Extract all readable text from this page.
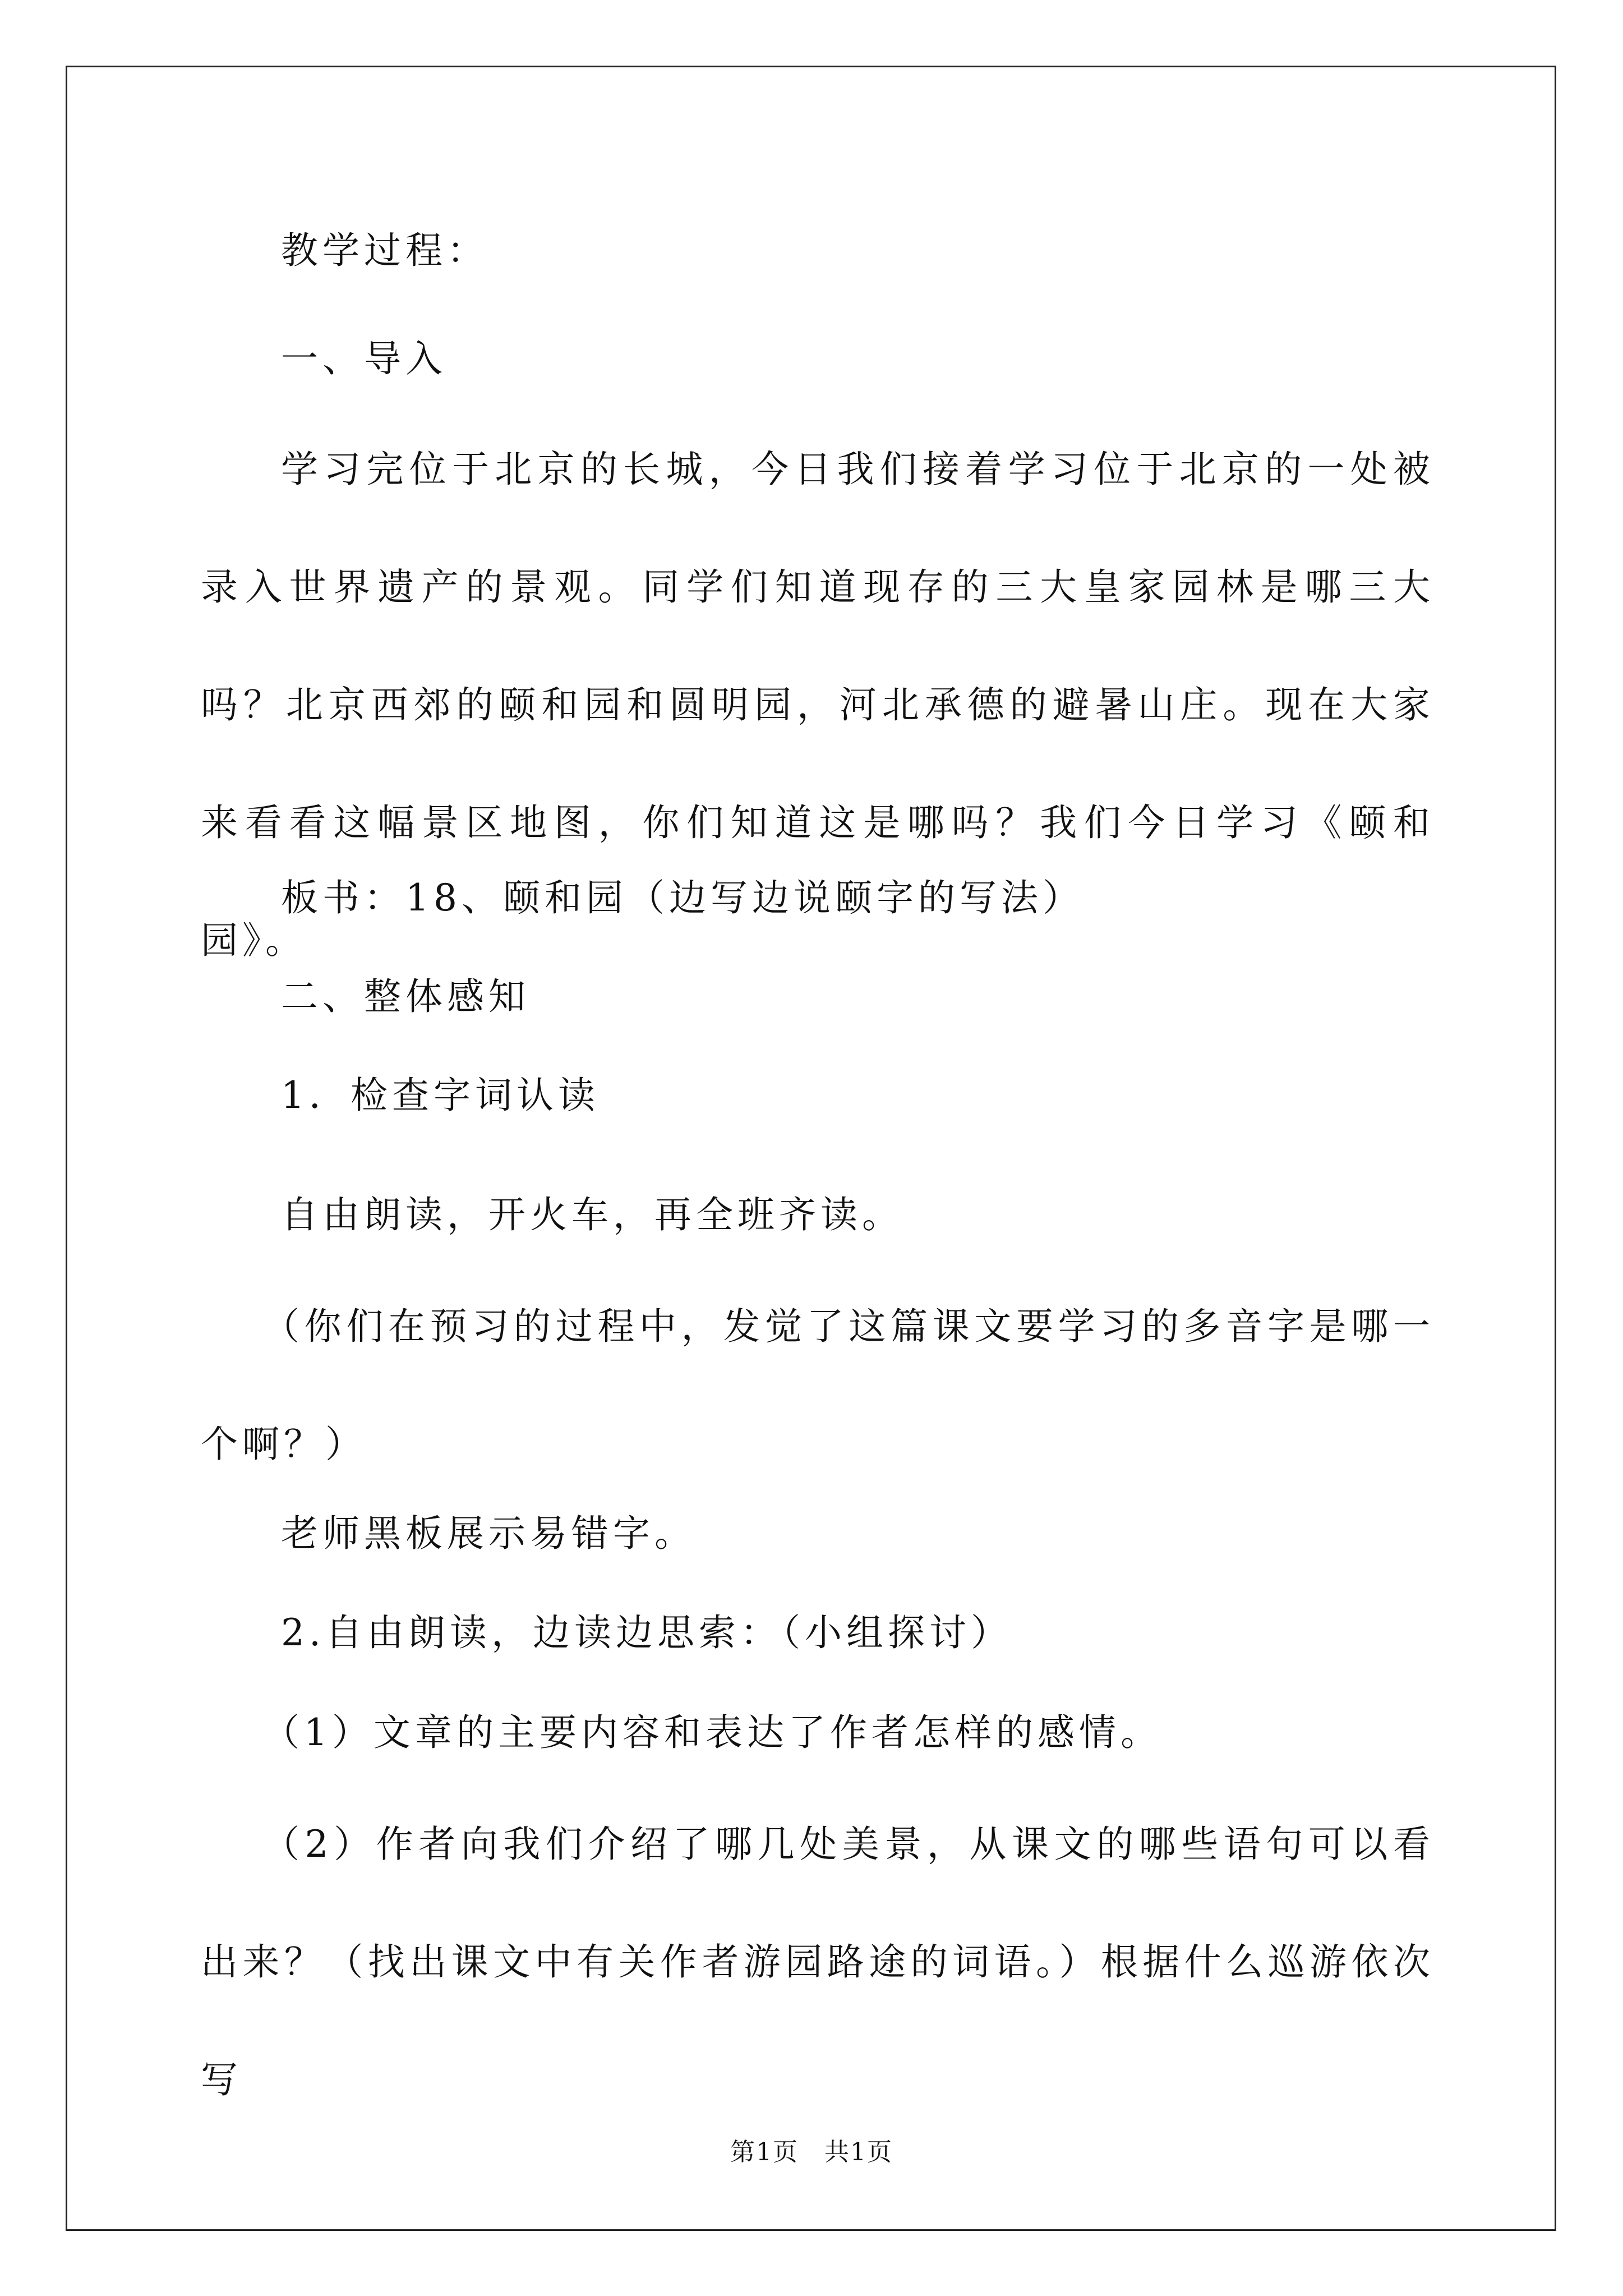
教学过程：

一、导入

学习完位于北京的长城，今日我们接着学习位于北京的一处被录入世界遗产的景观。同学们知道现存的三大皇家园林是哪三大吗？北京西郊的颐和园和圆明园，河北承德的避暑山庄。现在大家来看看这幅景区地图，你们知道这是哪吗？我们今日学习《颐和园》。

板书：18、颐和园（边写边说颐字的写法）

二、整体感知

1．检查字词认读

自由朗读，开火车，再全班齐读。

（你们在预习的过程中，发觉了这篇课文要学习的多音字是哪一个啊？）

老师黑板展示易错字。

2.自由朗读，边读边思索：（小组探讨）

（1）文章的主要内容和表达了作者怎样的感情。

（2）作者向我们介绍了哪几处美景，从课文的哪些语句可以看出来？（找出课文中有关作者游园路途的词语。）根据什么巡游依次写

第1页　共1页
